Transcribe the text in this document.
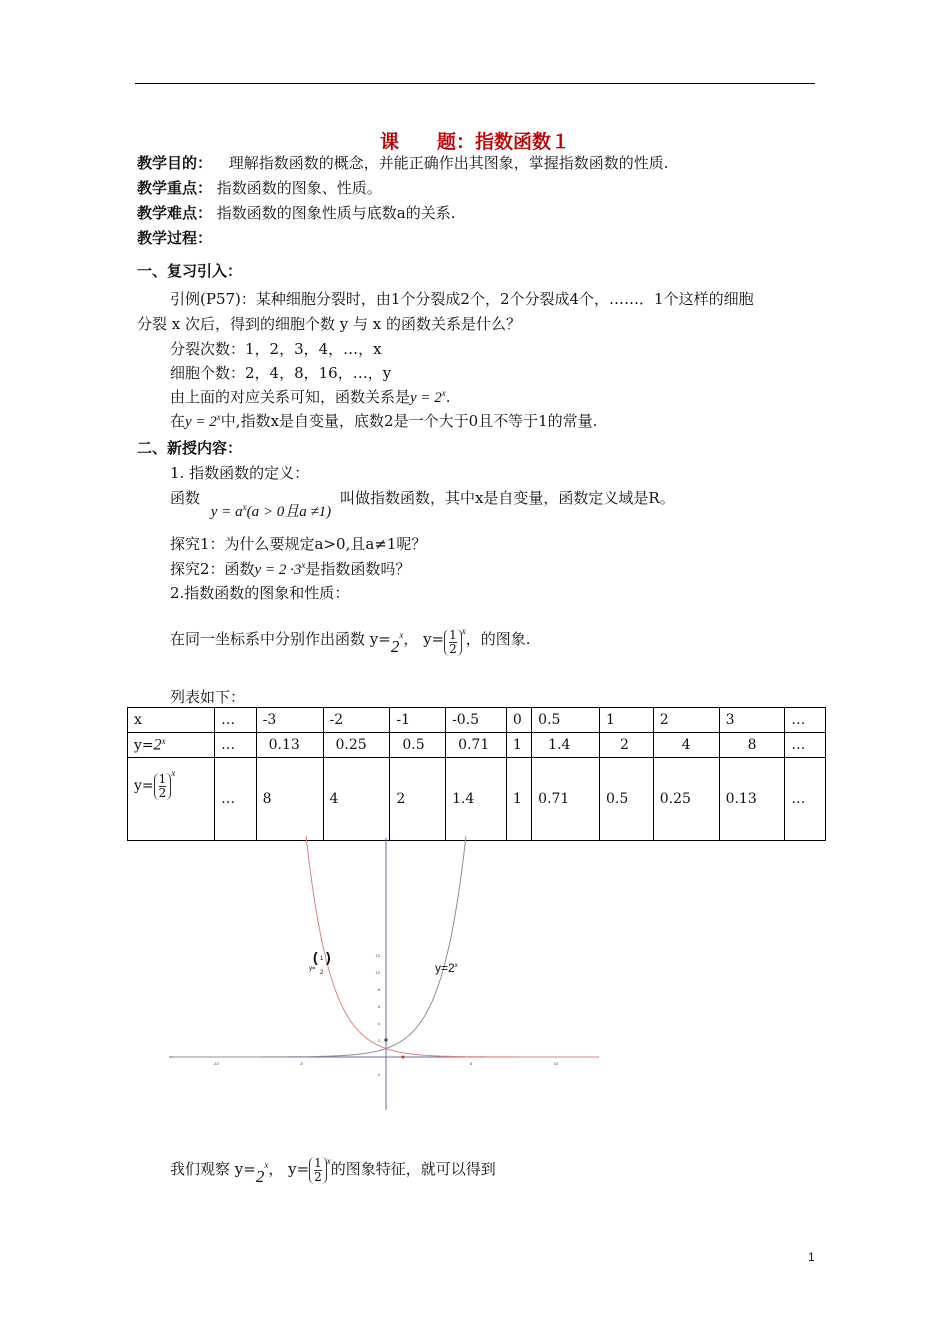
课　　题：指数函数１
教学目的： 理解指数函数的概念，并能正确作出其图象，掌握指数函数的性质.
教学重点： 指数函数的图象、性质。
教学难点： 指数函数的图象性质与底数a的关系.
教学过程：
一、复习引入：
引例(P57)：某种细胞分裂时，由1个分裂成2个，2个分裂成4个，……．1个这样的细胞
分裂 x 次后，得到的细胞个数 y 与 x 的函数关系是什么？
分裂次数：1，2，3，4，…，x
细胞个数：2，4，8，16，…，y
由上面的对应关系可知，函数关系是$y = 2^x$.
在$y = 2^x$中,指数x是自变量，底数2是一个大于0且不等于1的常量.
二、新授内容：
1. 指数函数的定义：
函数 $y = a^x(a > 0$且a ≠1) 叫做指数函数，其中x是自变量，函数定义域是R。
探究1：为什么要规定a>0,且a≠1呢？
探究2：函数$y = 2 \cdot 3^x$是指数函数吗？
2.指数函数的图象和性质：
在同一坐标系中分别作出函数 $y=2^x$， $y= \frac{1}{2} ^x$，的图象.
列表如下：
x	…	-3	-2	-1	-0.5	0	0.5	1	2	3	…
$y=2^x$	…	0.13	0.25	0.5	0.71	1	1.4	2	4	8	…
$y= \frac{1}{2} ^x$	…	8	4	2	1.4	1	0.71	0.5	0.25	0.13	…
12
10
8
6
4
2
-2
-10	-5	5	10
$y=2^x$
y=
( 1
2
)
我们观察 $y=2^x$， $y= \frac{1}{2} ^x$的图象特征，就可以得到
1
